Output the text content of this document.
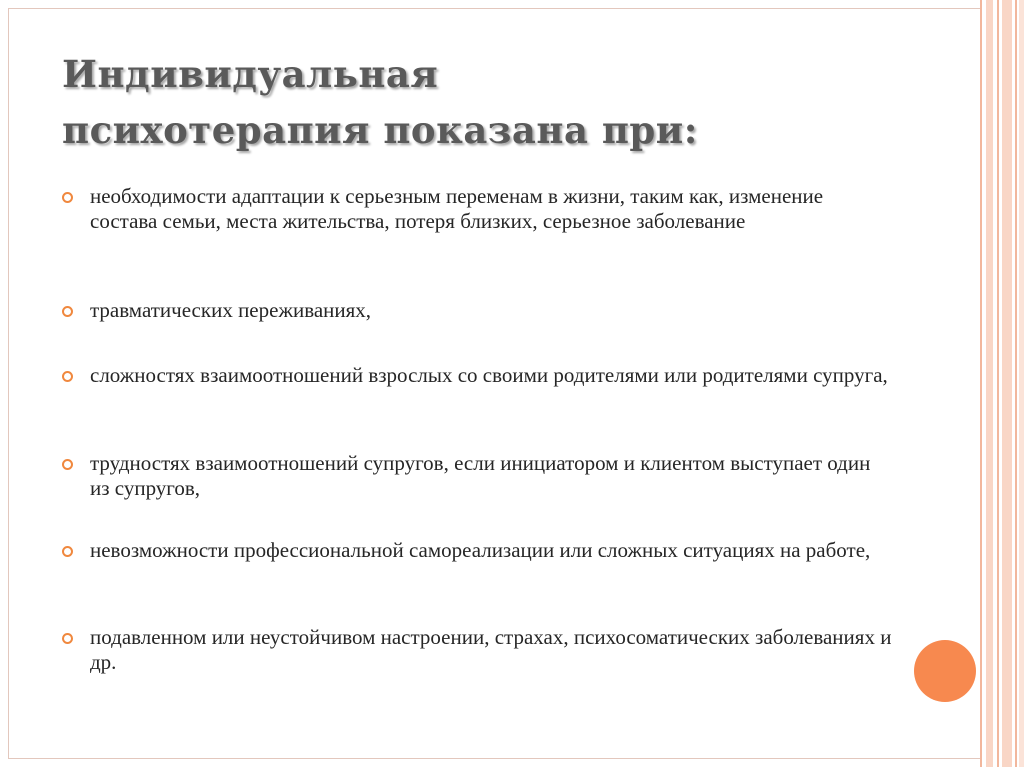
Индивидуальная
психотерапия показана при:
необходимости адаптации к серьезным переменам в жизни, таким как, изменение состава семьи, места жительства, потеря близких, серьезное заболевание
травматических переживаниях,
сложностях взаимоотношений взрослых со своими родителями или родителями супруга,
трудностях взаимоотношений супругов, если инициатором и клиентом выступает один из супругов,
невозможности профессиональной самореализации или сложных ситуациях на работе,
подавленном или неустойчивом настроении, страхах, психосоматических заболеваниях и др.
